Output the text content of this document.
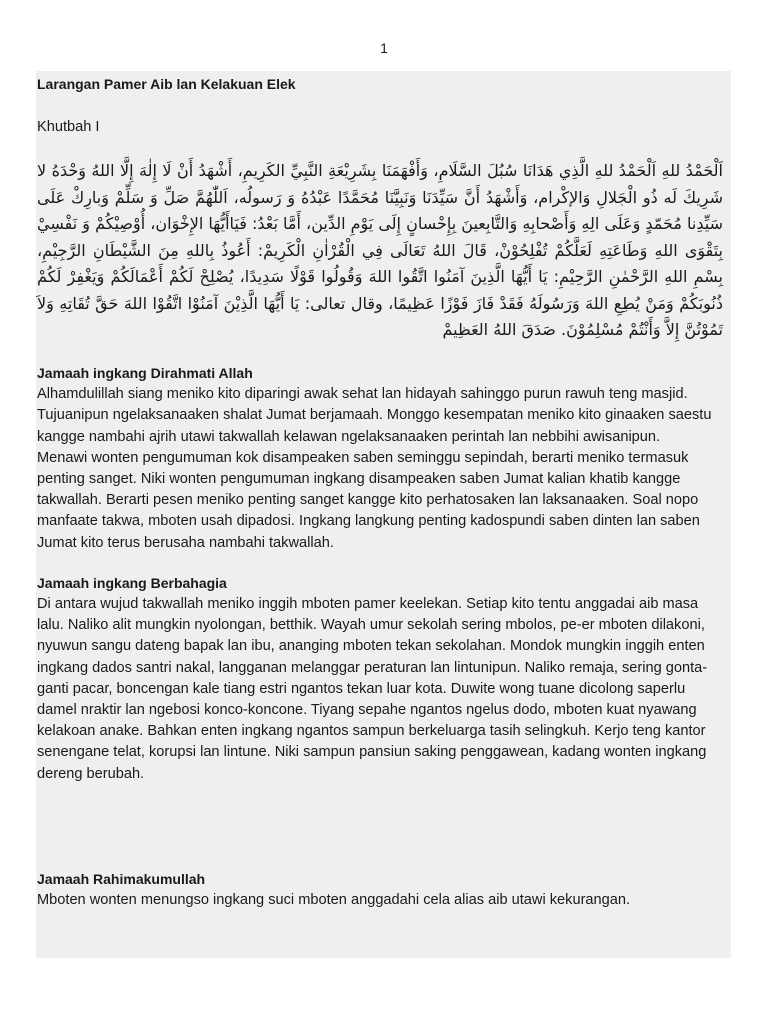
1
Larangan Pamer Aib lan Kelakuan Elek
Khutbah I
اَلْحَمْدُ للهِ اَلْحَمْدُ للهِ الَّذِي هَدَانَا سُبُلَ السَّلَامِ، وَأَفْهَمَنَا بِشَرِيْعَةِ النَّبِيِّ الكَرِيمِ، أَشْهَدُ أَنْ لَا إِلٰهَ إِلَّا اللهُ وَحْدَهُ لا شَرِيكَ لَه ذُو الْجَلالِ وَالإكْرام، وَأَشْهَدُ أَنَّ سَيِّدَنَا وَنَبِيَّنَا مُحَمَّدًا عَبْدُهُ وَ رَسولُه، اَللّٰهُمَّ صَلِّ وَ سَلِّمْ وَبارِكْ عَلَى سَيِّدِنا مُحَمّدٍ وَعَلَى الِهِ وَأَصْحابِهِ وَالتَّابِعينَ بِإِحْسانٍ إِلَى يَوْمِ الدِّين، أَمَّا بَعْدُ: فَيَاأَيُّهَا الإِخْوَان، أُوْصِيْكُمْ وَ نَفْسِيْ بِتَقْوَى اللهِ وَطَاعَتِهِ لَعَلَّكُمْ تُفْلِحُوْنْ، قَالَ اللهُ تَعَالَى فِي الْقُرْاٰنِ الْكَرِيمْ: أَعُوذُ بِاللهِ مِنَ الشَّيْطَانِ الرَّجِيْمِ، بِسْمِ اللهِ الرَّحْمٰنِ الرَّحِيْمِ: يَا أَيُّهَا الَّذِينَ آمَنُوا اتَّقُوا اللهَ وَقُولُوا قَوْلًا سَدِيدًا، يُصْلِحْ لَكُمْ أَعْمَالَكُمْ وَيَغْفِرْ لَكُمْ ذُنُوبَكُمْ وَمَنْ يُطِعِ اللهَ وَرَسُولَهُ فَقَدْ فَازَ فَوْزًا عَظِيمًا، وقال تعالى: يَا أَيُّهَا الَّذِيْنَ آمَنُوْا اتَّقُوْا اللهَ حَقَّ تُقَاتِهِ وَلاَ تَمُوْتُنَّ إِلاَّ وَأَنْتُمْ مُسْلِمُوْنَ. صَدَقَ اللهُ العَظِيمْ
Jamaah ingkang Dirahmati Allah

Alhamdulillah siang meniko kito diparingi awak sehat lan hidayah sahinggo purun rawuh teng masjid. Tujuanipun ngelaksanaaken shalat Jumat berjamaah. Monggo kesempatan meniko kito ginaaken saestu kangge nambahi ajrih utawi takwallah kelawan ngelaksanaaken perintah lan nebbihi awisanipun.

Menawi wonten pengumuman kok disampeaken saben seminggu sepindah, berarti meniko termasuk penting sanget. Niki wonten pengumuman ingkang disampeaken saben Jumat kalian khatib kangge takwallah. Berarti pesen meniko penting sanget kangge kito perhatosaken lan laksanaaken. Soal nopo manfaate takwa, mboten usah dipadosi. Ingkang langkung penting kadospundi saben dinten lan saben Jumat kito terus berusaha nambahi takwallah.

Jamaah ingkang Berbahagia

Di antara wujud takwallah meniko inggih mboten pamer keelekan. Setiap kito tentu anggadai aib masa lalu. Naliko alit mungkin nyolongan, betthik. Wayah umur sekolah sering mbolos, pe-er mboten dilakoni, nyuwun sangu dateng bapak lan ibu, ananging mboten tekan sekolahan. Mondok mungkin inggih enten ingkang dados santri nakal, langganan melanggar peraturan lan lintunipun. Naliko remaja, sering gonta-ganti pacar, boncengan kale tiang estri ngantos tekan luar kota. Duwite wong tuane dicolong saperlu damel nraktir lan ngebosi konco-koncone. Tiyang sepahe ngantos ngelus dodo, mboten kuat nyawang kelakoan anake. Bahkan enten ingkang ngantos sampun berkeluarga tasih selingkuh. Kerjo teng kantor senengane telat, korupsi lan lintune. Niki sampun pansiun saking penggawean, kadang wonten ingkang dereng berubah.

Jamaah Rahimakumullah

Mboten wonten menungso ingkang suci mboten anggadahi cela alias aib utawi kekurangan.
